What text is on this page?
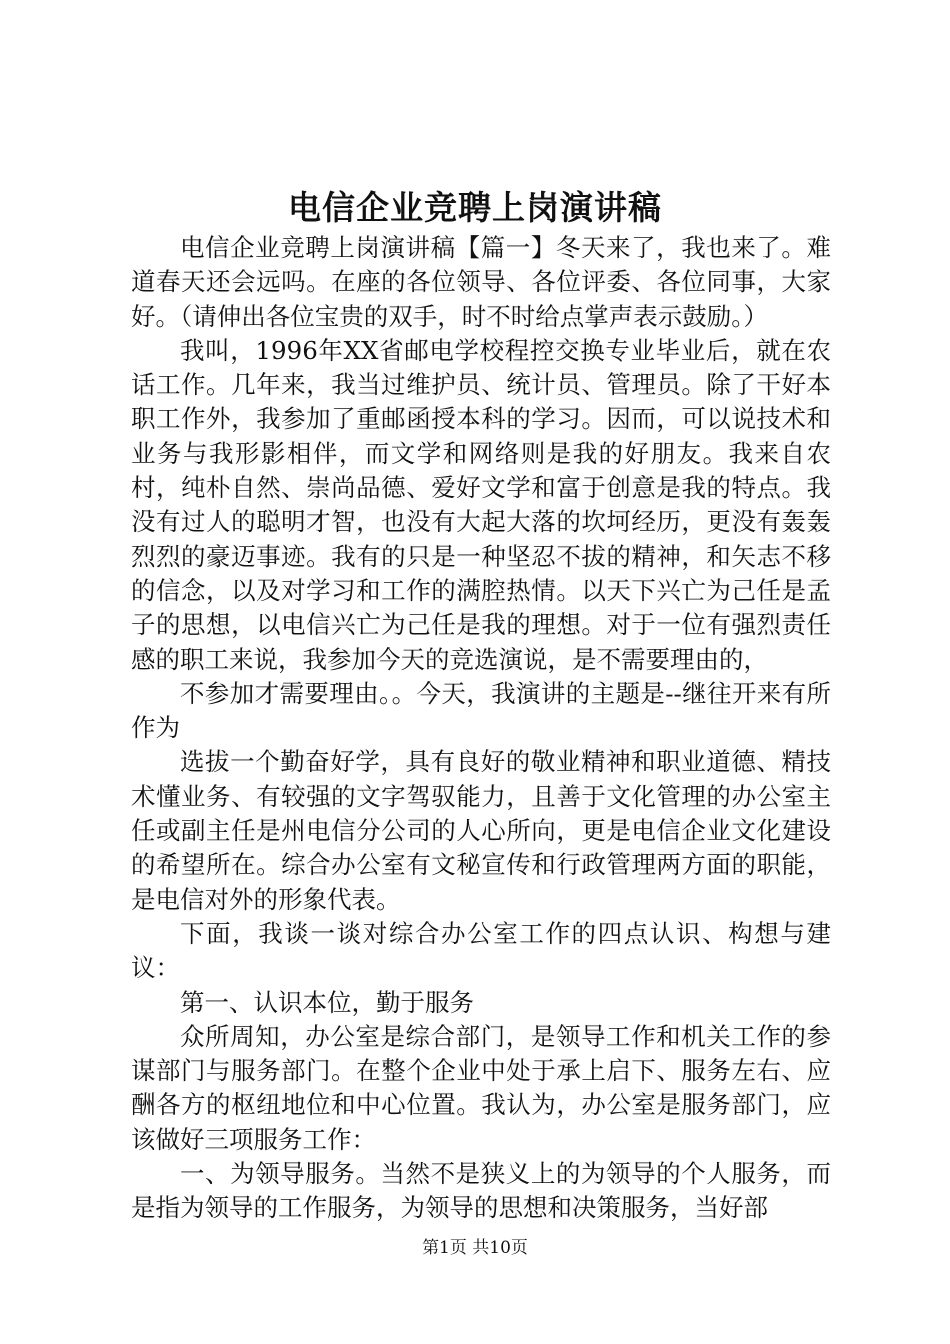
电信企业竞聘上岗演讲稿

电信企业竞聘上岗演讲稿【篇一】冬天来了，我也来了。难道春天还会远吗。在座的各位领导、各位评委、各位同事，大家好。（请伸出各位宝贵的双手，时不时给点掌声表示鼓励。）

我叫，1996年XX省邮电学校程控交换专业毕业后，就在农话工作。几年来，我当过维护员、统计员、管理员。除了干好本职工作外，我参加了重邮函授本科的学习。因而，可以说技术和业务与我形影相伴，而文学和网络则是我的好朋友。我来自农村，纯朴自然、崇尚品德、爱好文学和富于创意是我的特点。我没有过人的聪明才智，也没有大起大落的坎坷经历，更没有轰轰烈烈的豪迈事迹。我有的只是一种坚忍不拔的精神，和矢志不移的信念，以及对学习和工作的满腔热情。以天下兴亡为己任是孟子的思想，以电信兴亡为己任是我的理想。对于一位有强烈责任感的职工来说，我参加今天的竞选演说，是不需要理由的，

不参加才需要理由。。今天，我演讲的主题是--继往开来有所作为

选拔一个勤奋好学，具有良好的敬业精神和职业道德、精技术懂业务、有较强的文字驾驭能力，且善于文化管理的办公室主任或副主任是州电信分公司的人心所向，更是电信企业文化建设的希望所在。综合办公室有文秘宣传和行政管理两方面的职能，是电信对外的形象代表。

下面，我谈一谈对综合办公室工作的四点认识、构想与建议：

第一、认识本位，勤于服务

众所周知，办公室是综合部门，是领导工作和机关工作的参谋部门与服务部门。在整个企业中处于承上启下、服务左右、应酬各方的枢纽地位和中心位置。我认为，办公室是服务部门，应该做好三项服务工作：

一、为领导服务。当然不是狭义上的为领导的个人服务，而是指为领导的工作服务，为领导的思想和决策服务，当好部

第1页 共10页
